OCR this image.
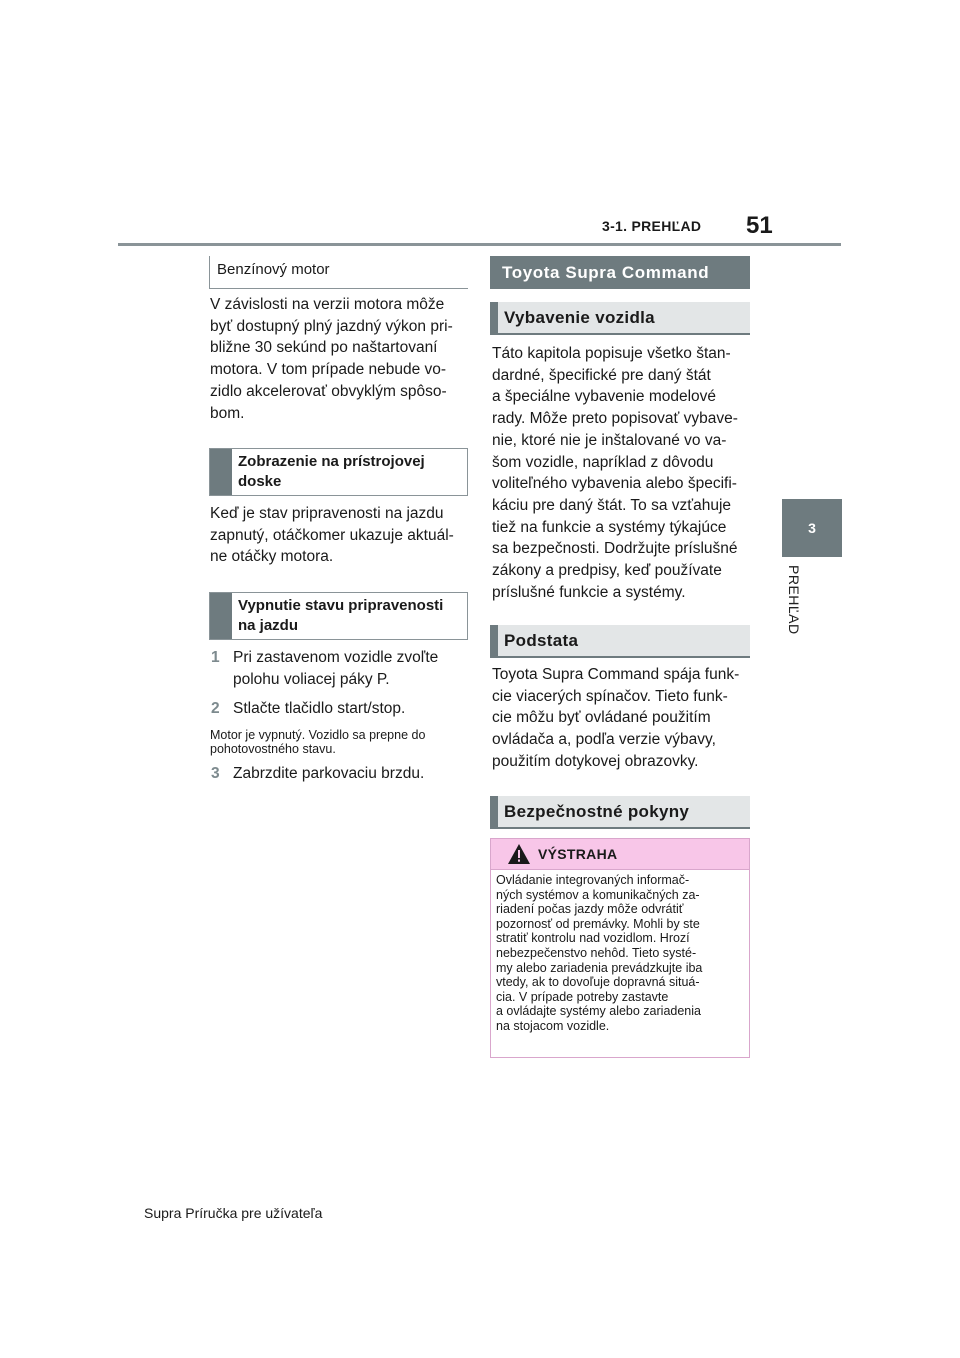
3-1. PREHĽAD 51
3
PREHĽAD
Benzínový motor
V závislosti na verzii motora môže
byť dostupný plný jazdný výkon pri-
bližne 30 sekúnd po naštartovaní
motora. V tom prípade nebude vo-
zidlo akcelerovať obvyklým spôso-
bom.
Zobrazenie na prístrojovej
doske
Keď je stav pripravenosti na jazdu
zapnutý, otáčkomer ukazuje aktuál-
ne otáčky motora.
Vypnutie stavu pripravenosti
na jazdu
1 Pri zastavenom vozidle zvoľte
polohu voliacej páky P.
2 Stlačte tlačidlo start/stop.
Motor je vypnutý. Vozidlo sa prepne do
pohotovostného stavu.
3 Zabrzdite parkovaciu brzdu.
Toyota Supra Command
Vybavenie vozidla
Táto kapitola popisuje všetko štan-
dardné, špecifické pre daný štát
a špeciálne vybavenie modelové
rady. Môže preto popisovať vybave-
nie, ktoré nie je inštalované vo va-
šom vozidle, napríklad z dôvodu
voliteľného vybavenia alebo špecifi-
káciu pre daný štát. To sa vzťahuje
tiež na funkcie a systémy týkajúce
sa bezpečnosti. Dodržujte príslušné
zákony a predpisy, keď používate
príslušné funkcie a systémy.
Podstata
Toyota Supra Command spája funk-
cie viacerých spínačov. Tieto funk-
cie môžu byť ovládané použitím
ovládača a, podľa verzie výbavy,
použitím dotykovej obrazovky.
Bezpečnostné pokyny
VÝSTRAHA
Ovládanie integrovaných informač-
ných systémov a komunikačných za-
riadení počas jazdy môže odvrátiť
pozornosť od premávky. Mohli by ste
stratiť kontrolu nad vozidlom. Hrozí
nebezpečenstvo nehôd. Tieto systé-
my alebo zariadenia prevádzkujte iba
vtedy, ak to dovoľuje dopravná situá-
cia. V prípade potreby zastavte
a ovládajte systémy alebo zariadenia
na stojacom vozidle.
Supra Príručka pre užívateľa
